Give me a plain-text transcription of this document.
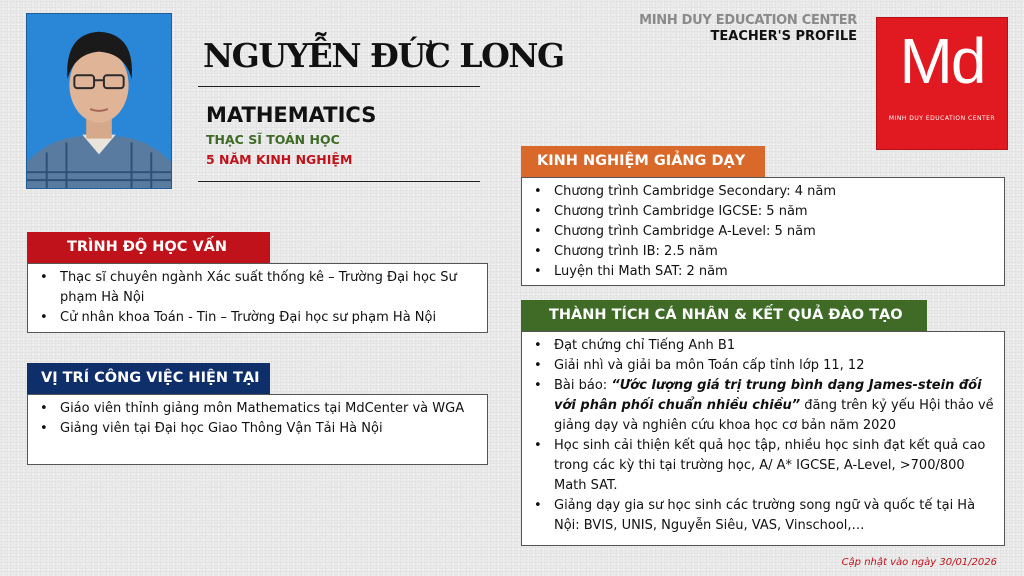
NGUYỄN ĐỨC LONG
MATHEMATICS
THẠC SĨ TOÁN HỌC
5 NĂM KINH NGHIỆM
MINH DUY EDUCATION CENTER
TEACHER'S PROFILE Md
MINH DUY EDUCATION CENTER
TRÌNH ĐỘ HỌC VẤN
• Thạc sĩ chuyên ngành Xác suất thống kê – Trường Đại học Sư phạm Hà Nội
• Cử nhân khoa Toán - Tin – Trường Đại học sư phạm Hà Nội
VỊ TRÍ CÔNG VIỆC HIỆN TẠI
• Giáo viên thỉnh giảng môn Mathematics tại MdCenter và WGA
• Giảng viên tại Đại học Giao Thông Vận Tải Hà Nội
KINH NGHIỆM GIẢNG DẠY
• Chương trình Cambridge Secondary: 4 năm
• Chương trình Cambridge IGCSE: 5 năm
• Chương trình Cambridge A-Level: 5 năm
• Chương trình IB: 2.5 năm
• Luyện thi Math SAT: 2 năm
THÀNH TÍCH CÁ NHÂN & KẾT QUẢ ĐÀO TẠO
• Đạt chứng chỉ Tiếng Anh B1
• Giải nhì và giải ba môn Toán cấp tỉnh lớp 11, 12
• Bài báo: “Ước lượng giá trị trung bình dạng James-stein đối với phân phối chuẩn nhiều chiều” đăng trên kỷ yếu Hội thảo về giảng dạy và nghiên cứu khoa học cơ bản năm 2020
• Học sinh cải thiện kết quả học tập, nhiều học sinh đạt kết quả cao trong các kỳ thi tại trường học, A/ A* IGCSE, A-Level, >700/800 Math SAT.
• Giảng dạy gia sư học sinh các trường song ngữ và quốc tế tại Hà Nội: BVIS, UNIS, Nguyễn Siêu, VAS, Vinschool,…
Cập nhật vào ngày 30/01/2026
